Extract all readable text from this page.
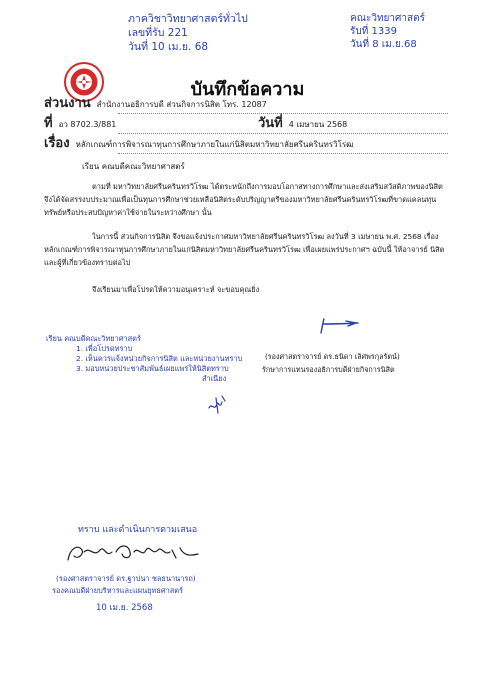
ภาควิชาวิทยาศาสตร์ทั่วไป
เลขที่รับ 221
วันที่ 10 เม.ย. 68
คณะวิทยาศาสตร์
รับที่ 1339
วันที่ 8 เม.ย.68
บันทึกข้อความ
ส่วนงาน สำนักงานอธิการบดี ส่วนกิจการนิสิต โทร. 12087
ที่อว 8702.3/881	วันที่ 4 เมษายน 2568
เรื่อง หลักเกณฑ์การพิจารณาทุนการศึกษาภายในแก่นิสิตมหาวิทยาลัยศรีนครินทรวิโรฒ
เรียน คณบดีคณะวิทยาศาสตร์
ตามที่ มหาวิทยาลัยศรีนครินทรวิโรฒ ได้ตระหนักถึงการมอบโอกาสทางการศึกษาและส่งเสริมสวัสดิภาพของนิสิต จึงได้จัดสรรงบประมาณเพื่อเป็นทุนการศึกษาช่วยเหลือนิสิตระดับปริญญาตรีของมหาวิทยาลัยศรีนครินทรวิโรฒที่ขาดแคลนทุนทรัพย์หรือประสบปัญหาค่าใช้จ่ายในระหว่างศึกษา นั้น
ในการนี้ ส่วนกิจการนิสิต จึงขอแจ้งประกาศมหาวิทยาลัยศรีนครินทรวิโรฒ ลงวันที่ 3 เมษายน พ.ศ. 2568 เรื่อง หลักเกณฑ์การพิจารณาทุนการศึกษาภายในแก่นิสิตมหาวิทยาลัยศรีนครินทรวิโรฒ เพื่อเผยแพร่ประกาศฯ ฉบับนี้ ให้อาจารย์ นิสิต และผู้ที่เกี่ยวข้องทราบต่อไป
จึงเรียนมาเพื่อโปรดให้ความอนุเคราะห์ จะขอบคุณยิ่ง
(รองศาสตราจารย์ ดร.ธนิดา เลิศพรกุลรัตน์)
รักษาการแทนรองอธิการบดีฝ่ายกิจการนิสิต
เรียน คณบดีคณะวิทยาศาสตร์
1. เพื่อโปรดทราบ
2. เห็นควรแจ้งหน่วยกิจการนิสิต และหน่วยงานทราบ
3. มอบหน่วยประชาสัมพันธ์เผยแพร่ให้นิสิตทราบ
สำเนียง
ทราบ และดำเนินการตามเสนอ
(รองศาสตราจารย์ ดร.ฐาปนา ชลธนานารถ)
รองคณบดีฝ่ายบริหารและแผนยุทธศาสตร์
10 เม.ย. 2568
